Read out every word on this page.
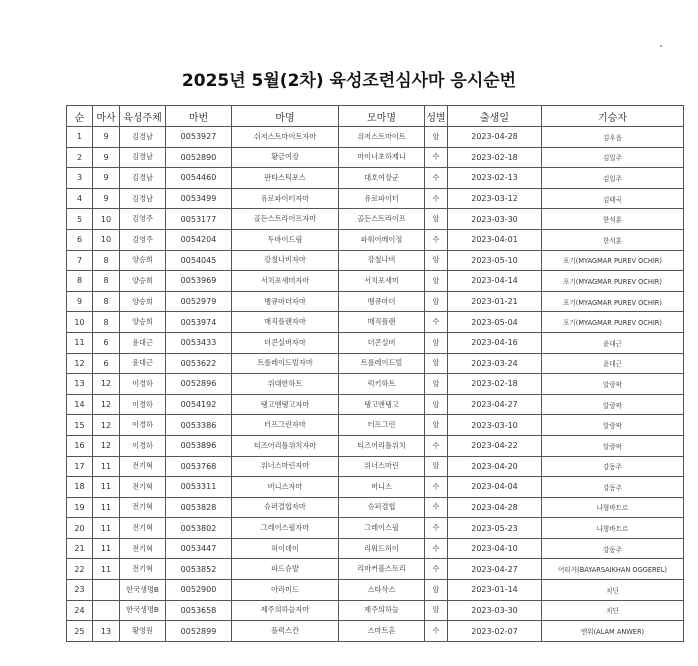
2025년 5월(2차) 육성조련심사마 응시순번
순	마사	육성주체	마번	마명	모마명	성별	출생일	기승자
1	9	김경남	0053927	쉬저스트마이트자마	쉬저스트마이트	암	2023-04-28	김우음
2	9	김경남	0052890	황금여장	마이너초하제니	수	2023-02-18	김일주
3	9	김경남	0054460	판타스틱포스	대호여장군	수	2023-02-13	김일주
4	9	김경남	0053499	유로파이터자마	유로파이터	수	2023-03-12	김태곡
5	10	김영주	0053177	골든스트라이프자마	골든스트라이프	암	2023-03-30	한석훈
6	10	김영주	0054204	두바이드림	파워어메이징	수	2023-04-01	한석훈
7	8	양승희	0054045	강철나비자마	강철나비	암	2023-05-10	포기(MYAGMAR PUREV OCHIR)
8	8	양승희	0053969	서치포새미자마	서치포새미	암	2023-04-14	포기(MYAGMAR PUREV OCHIR)
9	8	양승희	0052979	뱅큐마더자마	뱅큐마더	암	2023-01-21	포기(MYAGMAR PUREV OCHIR)
10	8	양승희	0053974	매직플랜자마	매직플랜	수	2023-05-04	포기(MYAGMAR PUREV OCHIR)
11	6	윤대근	0053433	더콘실버자마	더콘실버	암	2023-04-16	윤대근
12	6	윤대근	0053622	트롤레이드빌자마	트롤레이드빌	암	2023-03-24	윤대근
13	12	이경하	0052896	위대한하트	럭키하트	암	2023-02-18	알랑팍
14	12	이경하	0054192	탱고앤탱고자마	탱고앤탱고	암	2023-04-27	알랑팍
15	12	이경하	0053386	터프그린자마	터프그린	암	2023-03-10	알랑팍
16	12	이경하	0053896	티즈어리틀위치자마	티즈어리틀위치	수	2023-04-22	알랑팍
17	11	전기혁	0053768	위너스마린자마	위너스마린	암	2023-04-20	강동주
18	11	전기혁	0053311	버니스자마	버니스	수	2023-04-04	강동주
19	11	전기혁	0053828	슈퍼결헙자마	슈퍼결헙	수	2023-04-28	나형바트르
20	11	전기혁	0053802	그레이스필자마	그레이스필	수	2023-05-23	나형바트르
21	11	전기혁	0053447	허이데이	리워드허이	수	2023-04-10	강동주
22	11	전기혁	0053852	파드슈발	리마커블스토리	수	2023-04-27	어티커(BAYARSAIKHAN OGGEREL)
23		한국생명B	0052900	아라미드	스타삭스	암	2023-01-14	치딘
24		한국생명B	0053658	제주의하늘자마	제주의하늘	암	2023-03-30	치딘
25	13	황영원	0052899	플럭스칸	스마트혼	수	2023-02-07	엔워(ALAM ANWER)
